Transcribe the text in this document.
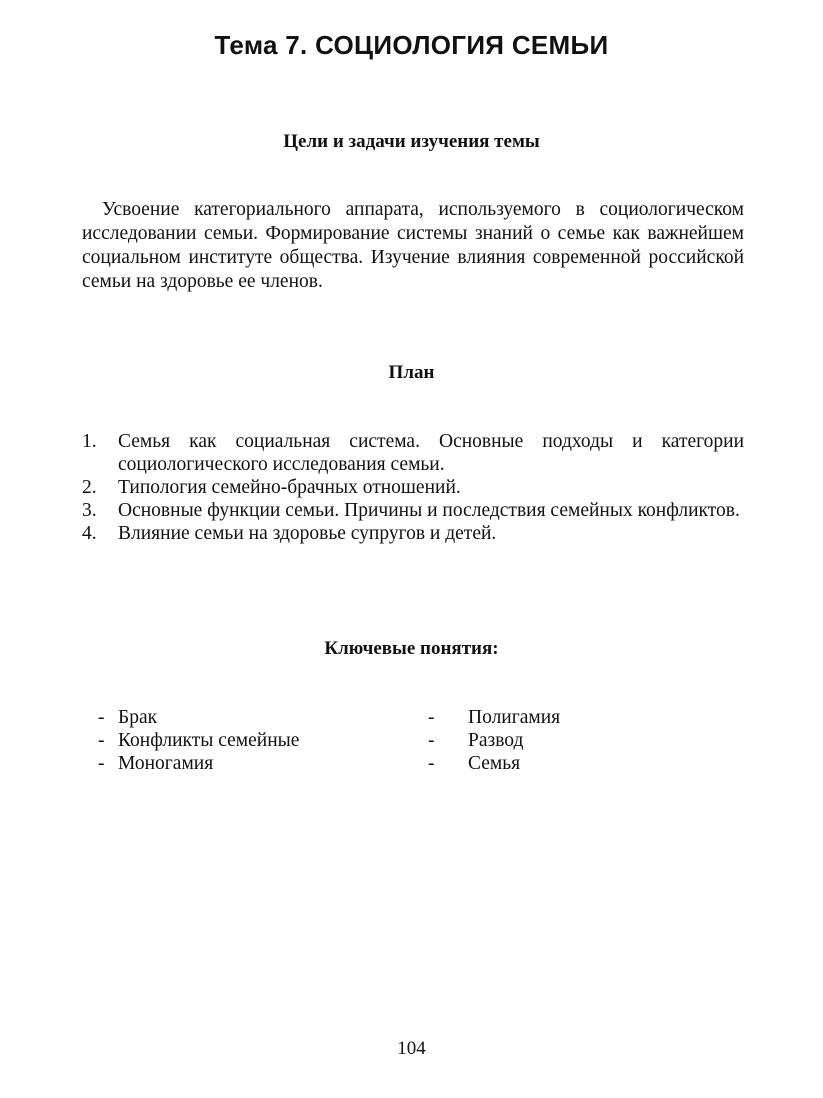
Тема 7. СОЦИОЛОГИЯ СЕМЬИ
Цели и задачи изучения темы

Усвоение категориального аппарата, используемого в социологическом исследовании семьи. Формирование системы знаний о семье как важнейшем социальном институте общества. Изучение влияния современной российской семьи на здоровье ее членов.

План
1.	Семья как социальная система. Основные подходы и категории социологического исследования семьи.
2.	Типология семейно-брачных отношений.
3.	Основные функции семьи. Причины и последствия семейных конфликтов.
4.	Влияние семьи на здоровье супругов и детей.
Ключевые понятия:
- Брак
- Конфликты семейные
- Моногамия
- Полигамия
- Развод
- Семья
104
